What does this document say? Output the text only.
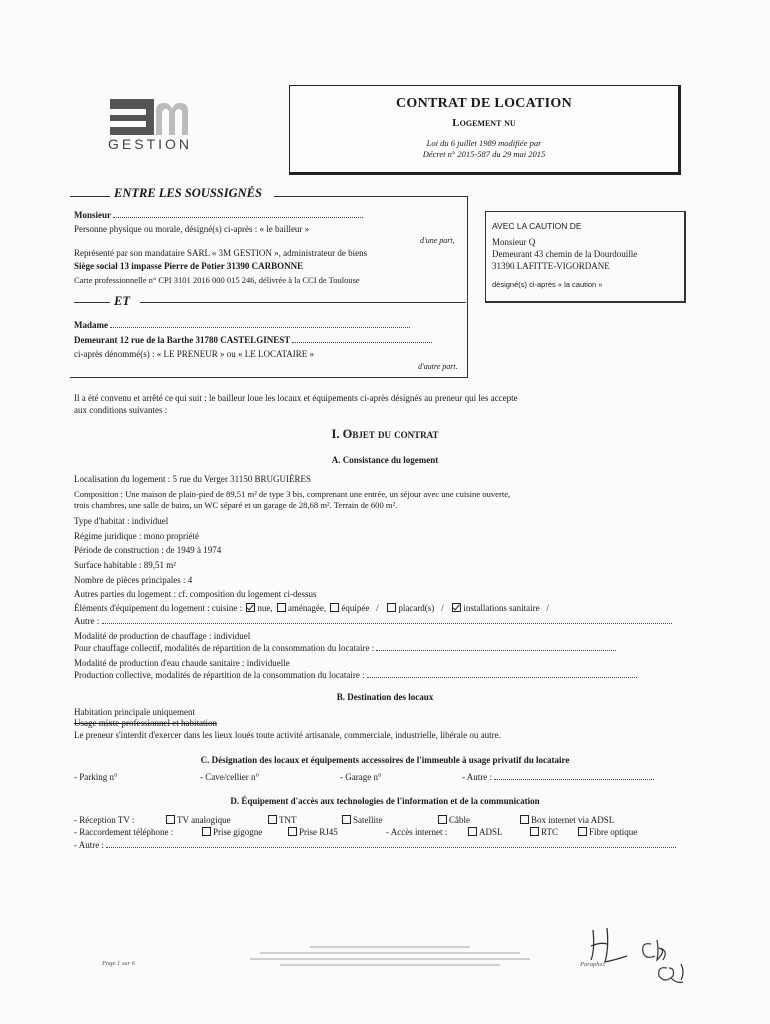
GESTION
CONTRAT DE LOCATION
Logement nu
Loi du 6 juillet 1989 modifiée par
Décret n° 2015-587 du 29 mai 2015
ENTRE LES SOUSSIGNÉS
Monsieur
Personne physique ou morale, désigné(s) ci-après : « le bailleur »
d'une part,
Représenté par son mandataire SARL « 3M GESTION », administrateur de biens
Siège social 13 impasse Pierre de Potier 31390 CARBONNE
Carte professionnelle n° CPI 3101 2016 000 015 246, délivrée à la CCI de Toulouse
ET
Madame
Demeurant 12 rue de la Barthe 31780 CASTELGINEST
ci-après dénommé(s) : « LE PRENEUR » ou « LE LOCATAIRE »
d'autre part.
AVEC LA CAUTION DE
Monsieur Q
Demeurant 43 chemin de la Dourdouille
31390 LAFITTE-VIGORDANE
désigné(s) ci-après « la caution »
Il a été convenu et arrêté ce qui suit : le bailleur loue les locaux et équipements ci-après désignés au preneur qui les accepte
aux conditions suivantes :
I. Objet du contrat
A. Consistance du logement
Localisation du logement : 5 rue du Verger 31150 BRUGUIÈRES
Composition : Une maison de plain-pied de 89,51 m² de type 3 bis, comprenant une entrée, un séjour avec une cuisine ouverte,
trois chambres, une salle de bains, un WC séparé et un garage de 28,68 m². Terrain de 600 m².
Type d'habitat : individuel
Régime juridique : mono propriété
Période de construction : de 1949 à 1974
Surface habitable : 89,51 m²
Nombre de pièces principales : 4
Autres parties du logement : cf. composition du logement ci-dessus
Éléments d'équipement du logement : cuisine : nue, aménagée, équipée   /   placard(s)   /   installations sanitaire   /
Autre :
Modalité de production de chauffage : individuel
Pour chauffage collectif, modalités de répartition de la consommation du locataire :
Modalité de production d'eau chaude sanitaire : individuelle
Production collective, modalités de répartition de la consommation du locataire :
B. Destination des locaux
Habitation principale uniquement
Usage mixte professionnel et habitation
Le preneur s'interdit d'exercer dans les lieux loués toute activité artisanale, commerciale, industrielle, libérale ou autre.
C. Désignation des locaux et équipements accessoires de l'immeuble à usage privatif du locataire
- Parking n°	- Cave/cellier n°	- Garage n°	- Autre :
D. Équipement d'accès aux technologies de l'information et de la communication
- Réception TV :	TV analogique	TNT	Satellite	Câble	Box internet via ADSL
- Raccordement téléphone :	Prise gigogne	Prise RJ45	- Accès internet :	ADSL	RTC	Fibre optique
- Autre :
Page 1 sur 6	Paraphes
